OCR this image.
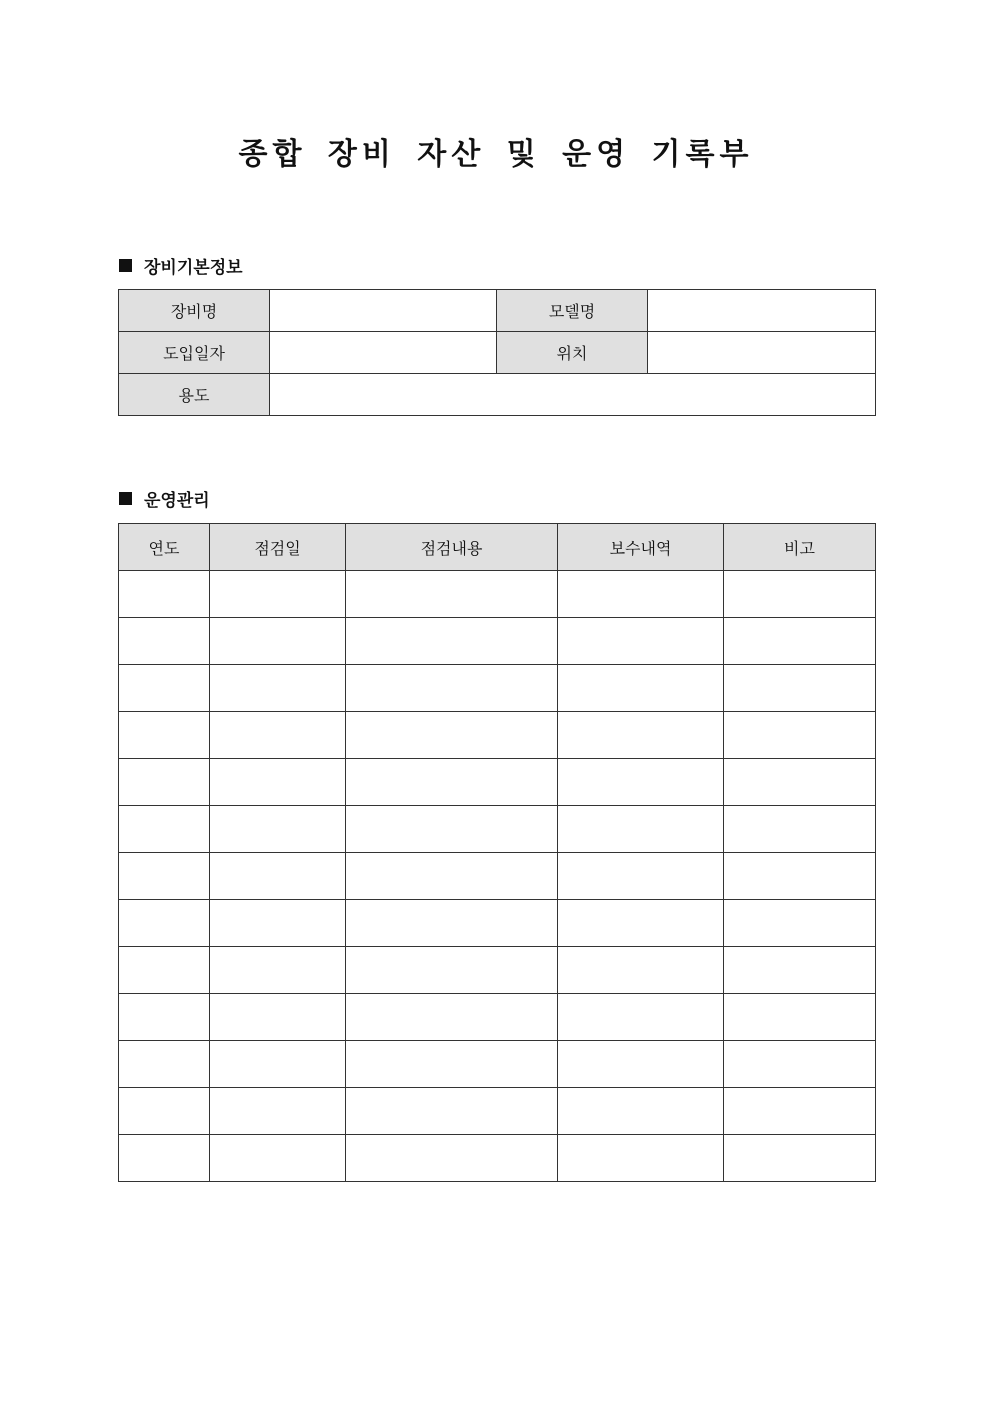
종합 장비 자산 및 운영 기록부
장비기본정보
장비명		모델명	
도입일자		위치	
용도			
운영관리
연도	점검일	점검내용	보수내역	비고
